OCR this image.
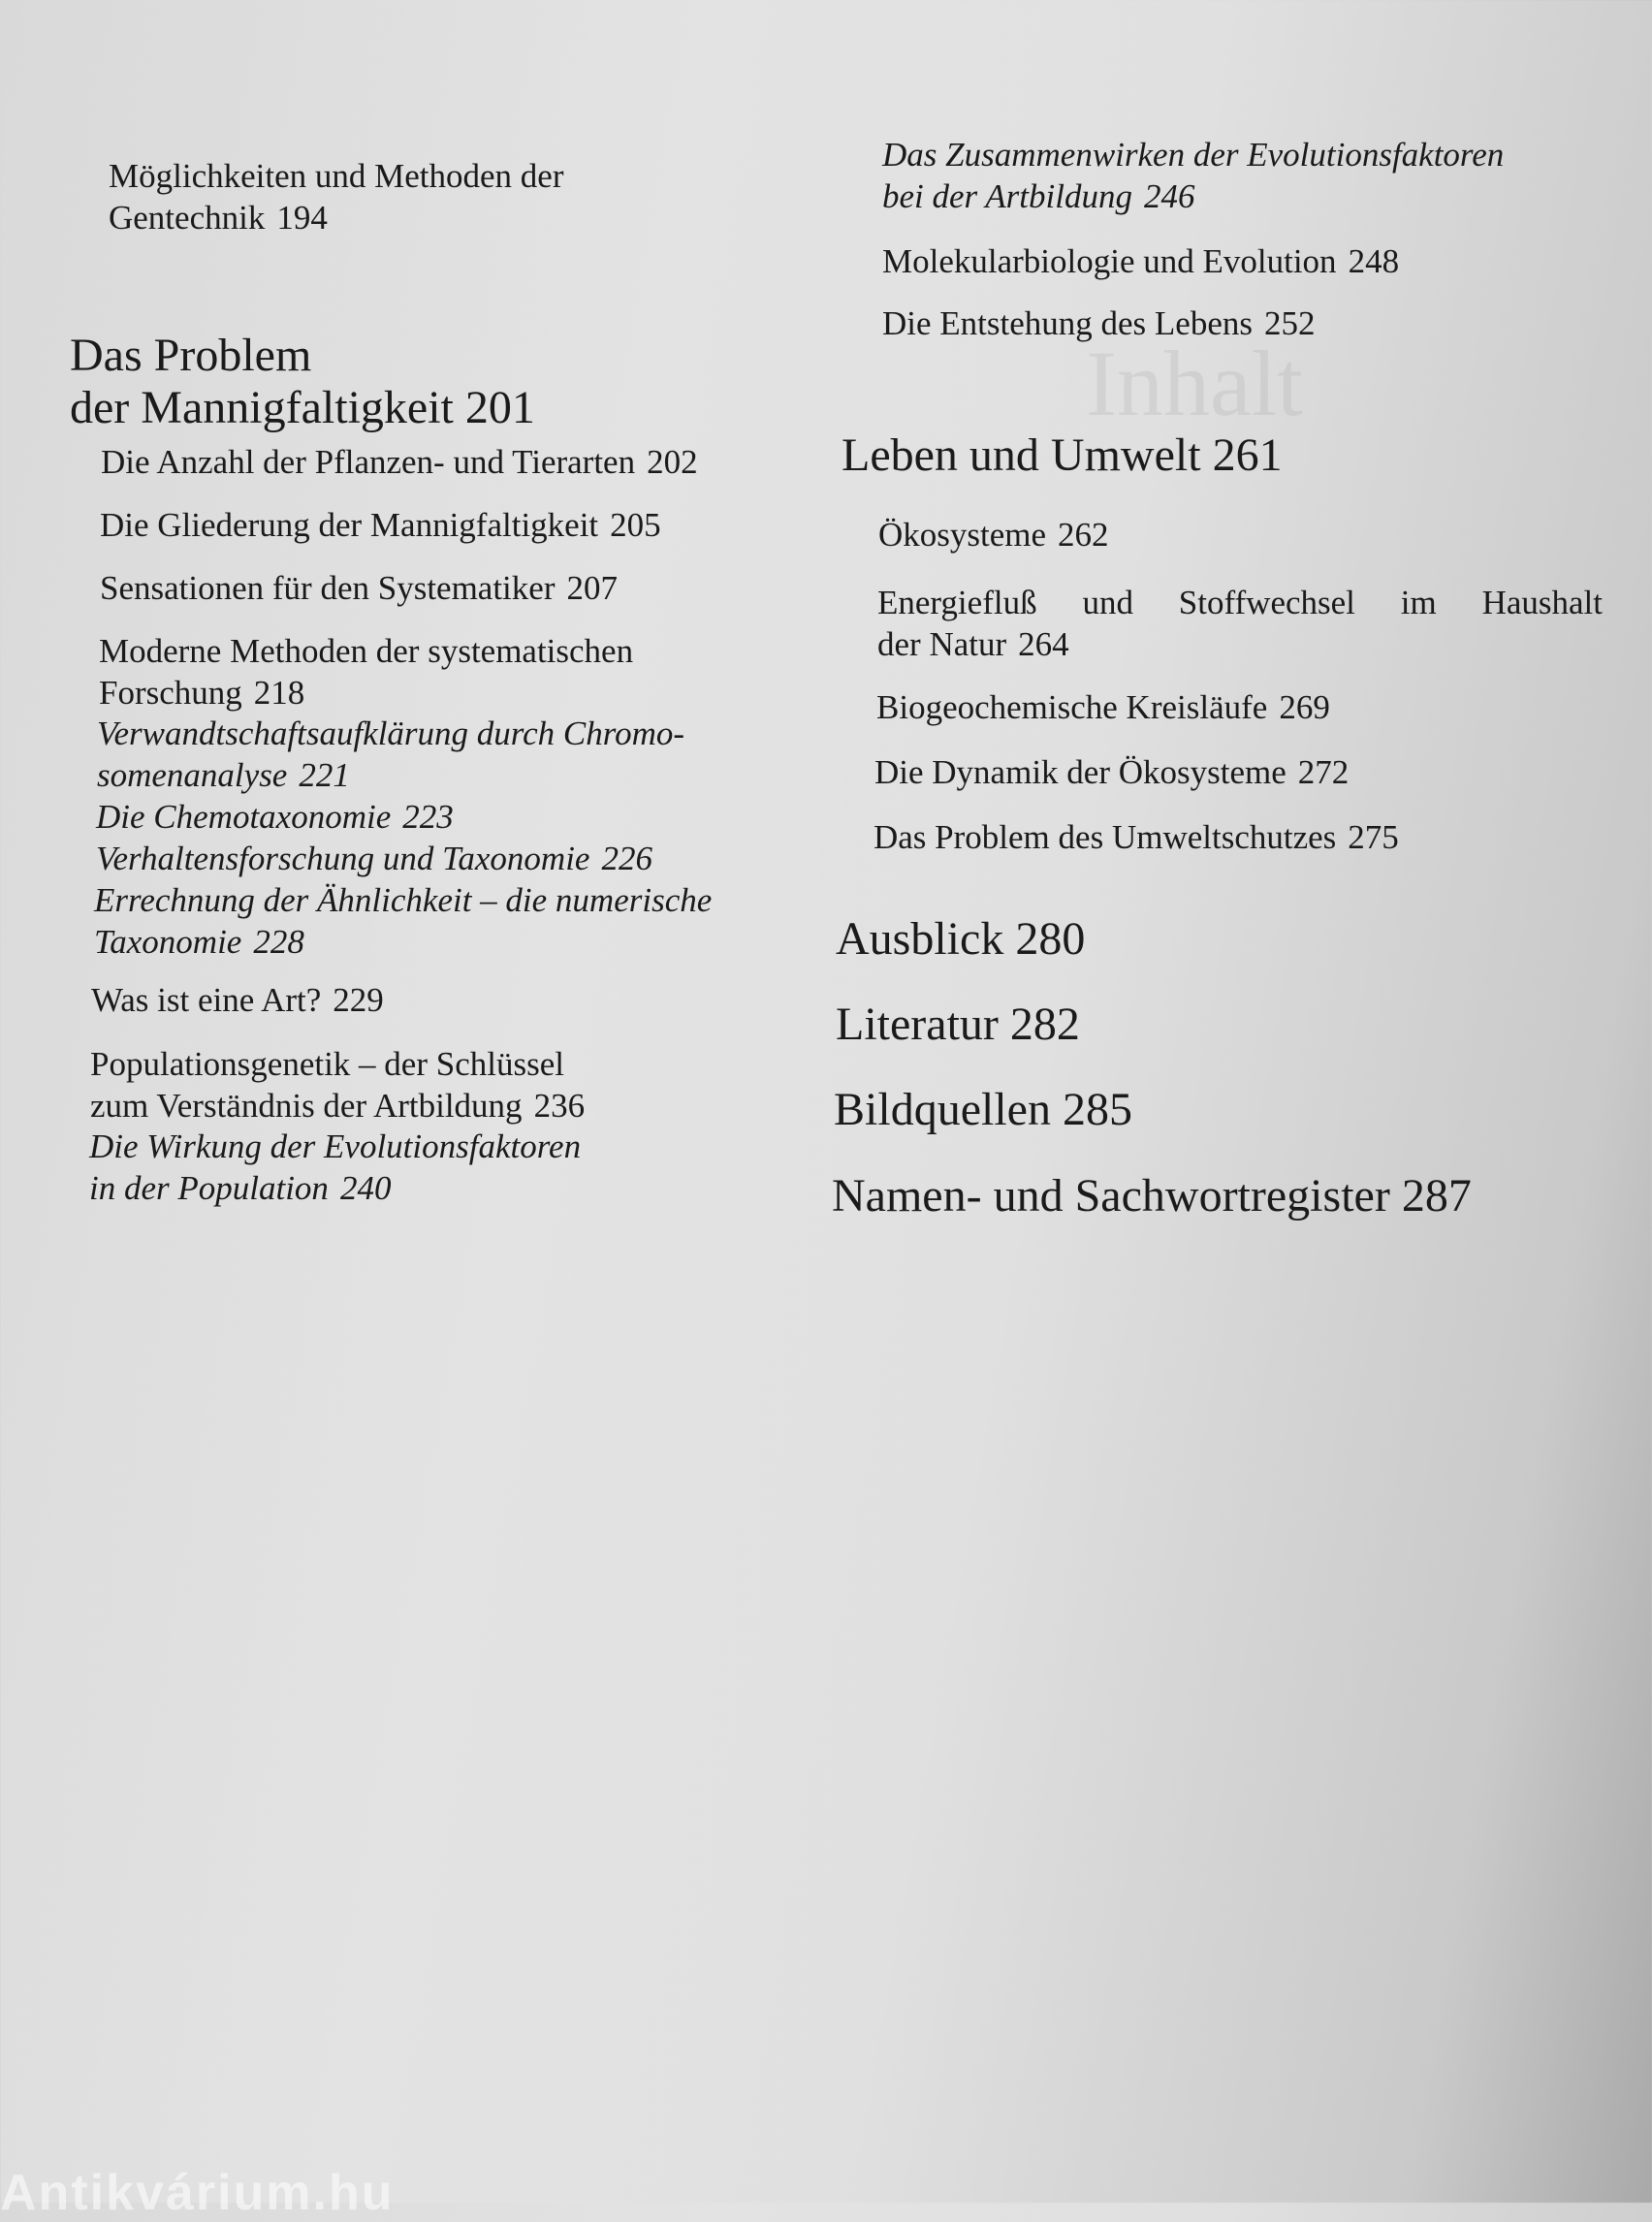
Inhalt
Möglichkeiten und Methoden der
Gentechnik 194
Das Problem
der Mannigfaltigkeit 201
Die Anzahl der Pflanzen- und Tierarten 202
Die Gliederung der Mannigfaltigkeit 205
Sensationen für den Systematiker 207
Moderne Methoden der systematischen
Forschung 218
Verwandtschaftsaufklärung durch Chromo-
somenanalyse 221
Die Chemotaxonomie 223
Verhaltensforschung und Taxonomie 226
Errechnung der Ähnlichkeit – die numerische
Taxonomie 228
Was ist eine Art? 229
Populationsgenetik – der Schlüssel
zum Verständnis der Artbildung 236
Die Wirkung der Evolutionsfaktoren
in der Population 240
Das Zusammenwirken der Evolutionsfaktoren
bei der Artbildung 246
Molekularbiologie und Evolution 248
Die Entstehung des Lebens 252
Leben und Umwelt 261
Ökosysteme 262
Energiefluß und Stoffwechsel im Haushalt
der Natur 264
Biogeochemische Kreisläufe 269
Die Dynamik der Ökosysteme 272
Das Problem des Umweltschutzes 275
Ausblick 280
Literatur 282
Bildquellen 285
Namen- und Sachwortregister 287
Antikvárium.hu
